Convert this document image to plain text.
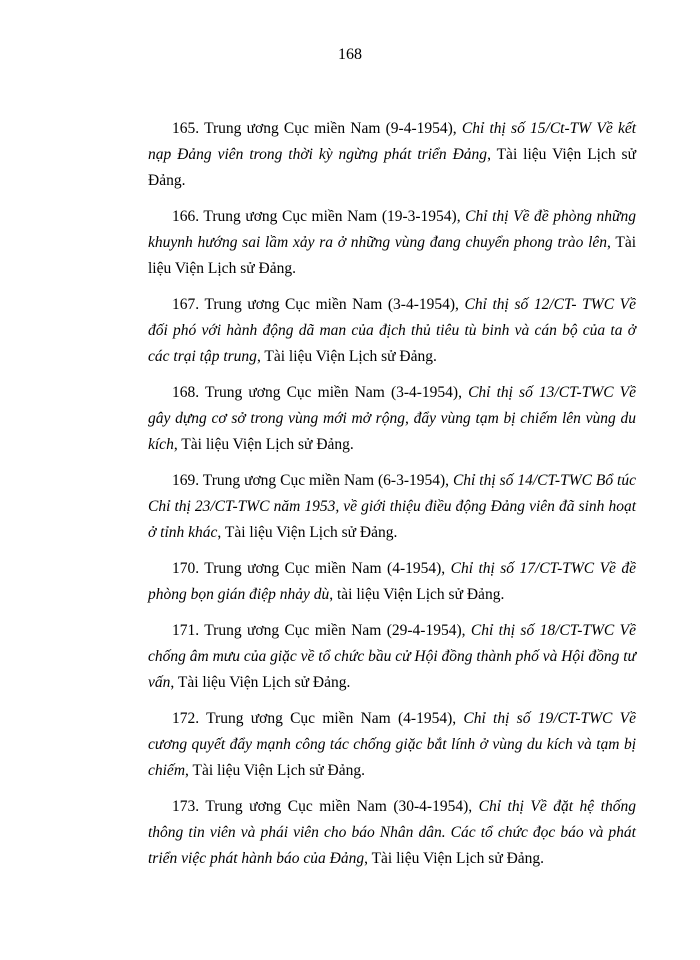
168
165. Trung ương Cục miền Nam (9-4-1954), Chỉ thị số 15/Ct-TW Về kết nạp Đảng viên trong thời kỳ ngừng phát triển Đảng, Tài liệu Viện Lịch sử Đảng.
166. Trung ương Cục miền Nam (19-3-1954), Chỉ thị Về đề phòng những khuynh hướng sai lầm xảy ra ở những vùng đang chuyển phong trào lên, Tài liệu Viện Lịch sử Đảng.
167. Trung ương Cục miền Nam (3-4-1954), Chỉ thị số 12/CT- TWC Về đối phó với hành động dã man của địch thủ tiêu tù binh và cán bộ của ta ở các trại tập trung, Tài liệu Viện Lịch sử Đảng.
168. Trung ương Cục miền Nam (3-4-1954), Chỉ thị số 13/CT-TWC Về gây dựng cơ sở trong vùng mới mở rộng, đẩy vùng tạm bị chiếm lên vùng du kích, Tài liệu Viện Lịch sử Đảng.
169. Trung ương Cục miền Nam (6-3-1954), Chỉ thị số 14/CT-TWC Bổ túc Chỉ thị 23/CT-TWC năm 1953, về giới thiệu điều động Đảng viên đã sinh hoạt ở tỉnh khác, Tài liệu Viện Lịch sử Đảng.
170. Trung ương Cục miền Nam (4-1954), Chỉ thị số 17/CT-TWC Về đề phòng bọn gián điệp nhảy dù, tài liệu Viện Lịch sử Đảng.
171. Trung ương Cục miền Nam (29-4-1954), Chỉ thị số 18/CT-TWC Về chống âm mưu của giặc về tổ chức bầu cử Hội đồng thành phố và Hội đồng tư vấn, Tài liệu Viện Lịch sử Đảng.
172. Trung ương Cục miền Nam (4-1954), Chỉ thị số 19/CT-TWC Về cương quyết đẩy mạnh công tác chống giặc bắt lính ở vùng du kích và tạm bị chiếm, Tài liệu Viện Lịch sử Đảng.
173. Trung ương Cục miền Nam (30-4-1954), Chỉ thị Về đặt hệ thống thông tin viên và phái viên cho báo Nhân dân. Các tổ chức đọc báo và phát triển việc phát hành báo của Đảng, Tài liệu Viện Lịch sử Đảng.
